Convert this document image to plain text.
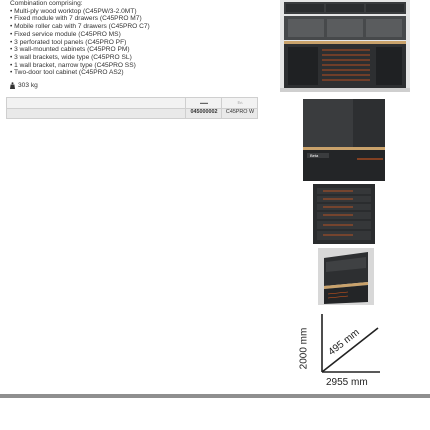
Combination comprising:
• Multi-ply wood worktop (C45PW/3-2.0MT)
• Fixed module with 7 drawers (C45PRO M7)
• Mobile roller cab with 7 drawers (C45PRO C7)
• Fixed service module (C45PRO MS)
• 3 perforated tool panels (C45PRO PF)
• 3 wall-mounted cabinets (C45PRO PM)
• 3 wall brackets, wide type (C45PRO SL)
• 1 wall bracket, narrow type (C45PRO SS)
• Two-door tool cabinet (C45PRO AS2)
303 kg
▬▬
045000002
≡⌂
C45PRO W
Beta
2000 mm 495 mm
2955 mm
